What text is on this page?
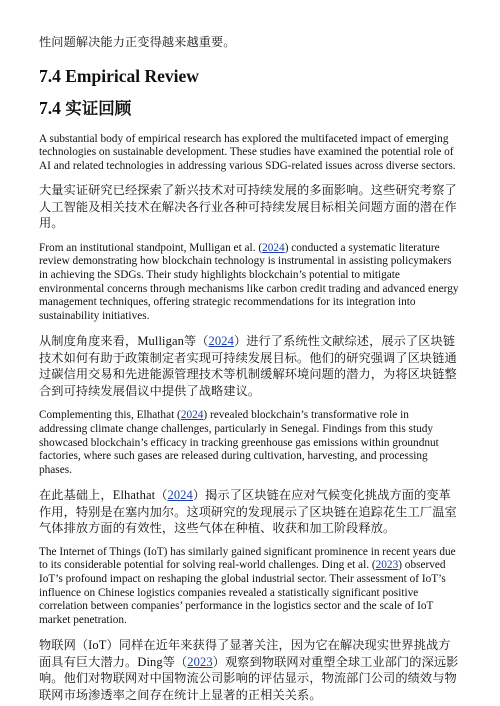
性问题解决能力正变得越来越重要。

7.4 Empirical Review

7.4 实证回顾

A substantial body of empirical research has explored the multifaceted impact of emerging technologies on sustainable development. These studies have examined the potential role of AI and related technologies in addressing various SDG-related issues across diverse sectors.

大量实证研究已经探索了新兴技术对可持续发展的多面影响。这些研究考察了人工智能及相关技术在解决各行业各种可持续发展目标相关问题方面的潜在作用。

From an institutional standpoint, Mulligan et al. (2024) conducted a systematic literature review demonstrating how blockchain technology is instrumental in assisting policymakers in achieving the SDGs. Their study highlights blockchain’s potential to mitigate environmental concerns through mechanisms like carbon credit trading and advanced energy management techniques, offering strategic recommendations for its integration into sustainability initiatives.

从制度角度来看，Mulligan等（2024）进行了系统性文献综述，展示了区块链技术如何有助于政策制定者实现可持续发展目标。他们的研究强调了区块链通过碳信用交易和先进能源管理技术等机制缓解环境问题的潜力，为将区块链整合到可持续发展倡议中提供了战略建议。

Complementing this, Elhathat (2024) revealed blockchain’s transformative role in addressing climate change challenges, particularly in Senegal. Findings from this study showcased blockchain’s efficacy in tracking greenhouse gas emissions within groundnut factories, where such gases are released during cultivation, harvesting, and processing phases.

在此基础上，Elhathat（2024）揭示了区块链在应对气候变化挑战方面的变革作用，特别是在塞内加尔。这项研究的发现展示了区块链在追踪花生工厂温室气体排放方面的有效性，这些气体在种植、收获和加工阶段释放。

The Internet of Things (IoT) has similarly gained significant prominence in recent years due to its considerable potential for solving real-world challenges. Ding et al. (2023) observed IoT’s profound impact on reshaping the global industrial sector. Their assessment of IoT’s influence on Chinese logistics companies revealed a statistically significant positive correlation between companies’ performance in the logistics sector and the scale of IoT market penetration.

物联网（IoT）同样在近年来获得了显著关注，因为它在解决现实世界挑战方面具有巨大潜力。Ding等（2023）观察到物联网对重塑全球工业部门的深远影响。他们对物联网对中国物流公司影响的评估显示，物流部门公司的绩效与物联网市场渗透率之间存在统计上显著的正相关关系。
